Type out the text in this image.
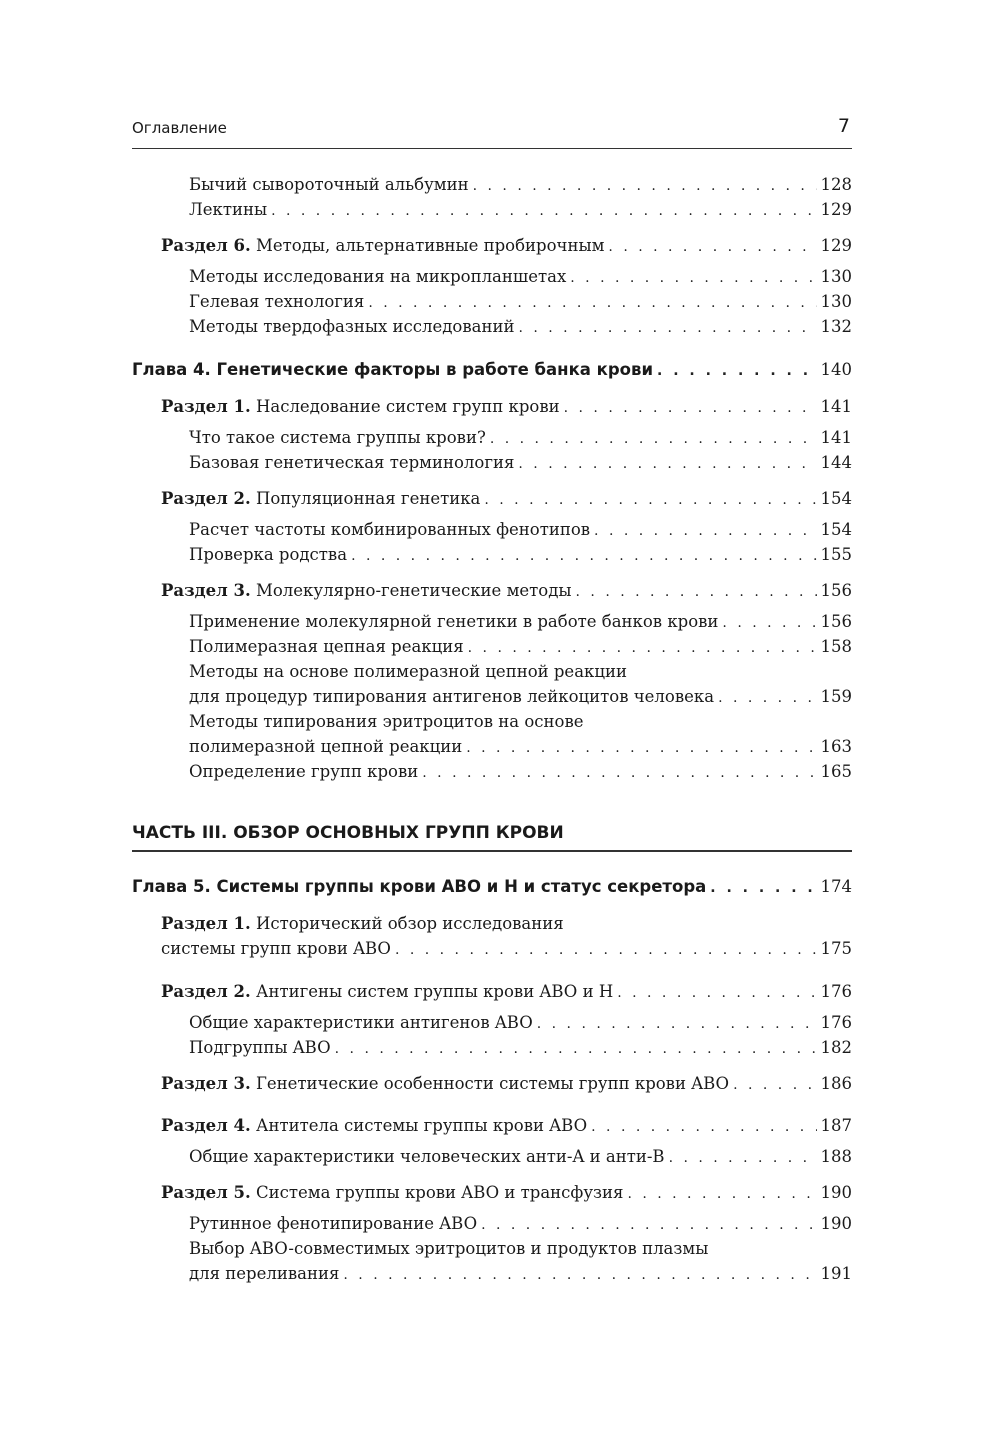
Оглавление	7
Бычий сывороточный альбумин . . .	128
Лектины . . .	129
Раздел 6. Методы, альтернативные пробирочным . . .	129
Методы исследования на микропланшетах . . .	130
Гелевая технология . . .	130
Методы твердофазных исследований . . .	132
Глава 4. Генетические факторы в работе банка крови . . .	140
Раздел 1. Наследование систем групп крови . . .	141
Что такое система группы крови? . . .	141
Базовая генетическая терминология . . .	144
Раздел 2. Популяционная генетика . . .	154
Расчет частоты комбинированных фенотипов . . .	154
Проверка родства . . .	155
Раздел 3. Молекулярно-генетические методы . . .	156
Применение молекулярной генетики в работе банков крови . . .	156
Полимеразная цепная реакция . . .	158
Методы на основе полимеразной цепной реакции
для процедур типирования антигенов лейкоцитов человека . . .	159
Методы типирования эритроцитов на основе
полимеразной цепной реакции . . .	163
Определение групп крови . . .	165
ЧАСТЬ III. ОБЗОР ОСНОВНЫХ ГРУПП КРОВИ
Глава 5. Системы группы крови ABO и H и статус секретора . . .	174
Раздел 1. Исторический обзор исследования
системы групп крови ABO . . .	175
Раздел 2. Антигены систем группы крови ABO и H . . .	176
Общие характеристики антигенов ABO . . .	176
Подгруппы ABO . . .	182
Раздел 3. Генетические особенности системы групп крови ABO . . .	186
Раздел 4. Антитела системы группы крови ABO . . .	187
Общие характеристики человеческих анти-A и анти-B . . .	188
Раздел 5. Система группы крови ABO и трансфузия . . .	190
Рутинное фенотипирование ABO . . .	190
Выбор ABO-совместимых эритроцитов и продуктов плазмы
для переливания . . .	191
